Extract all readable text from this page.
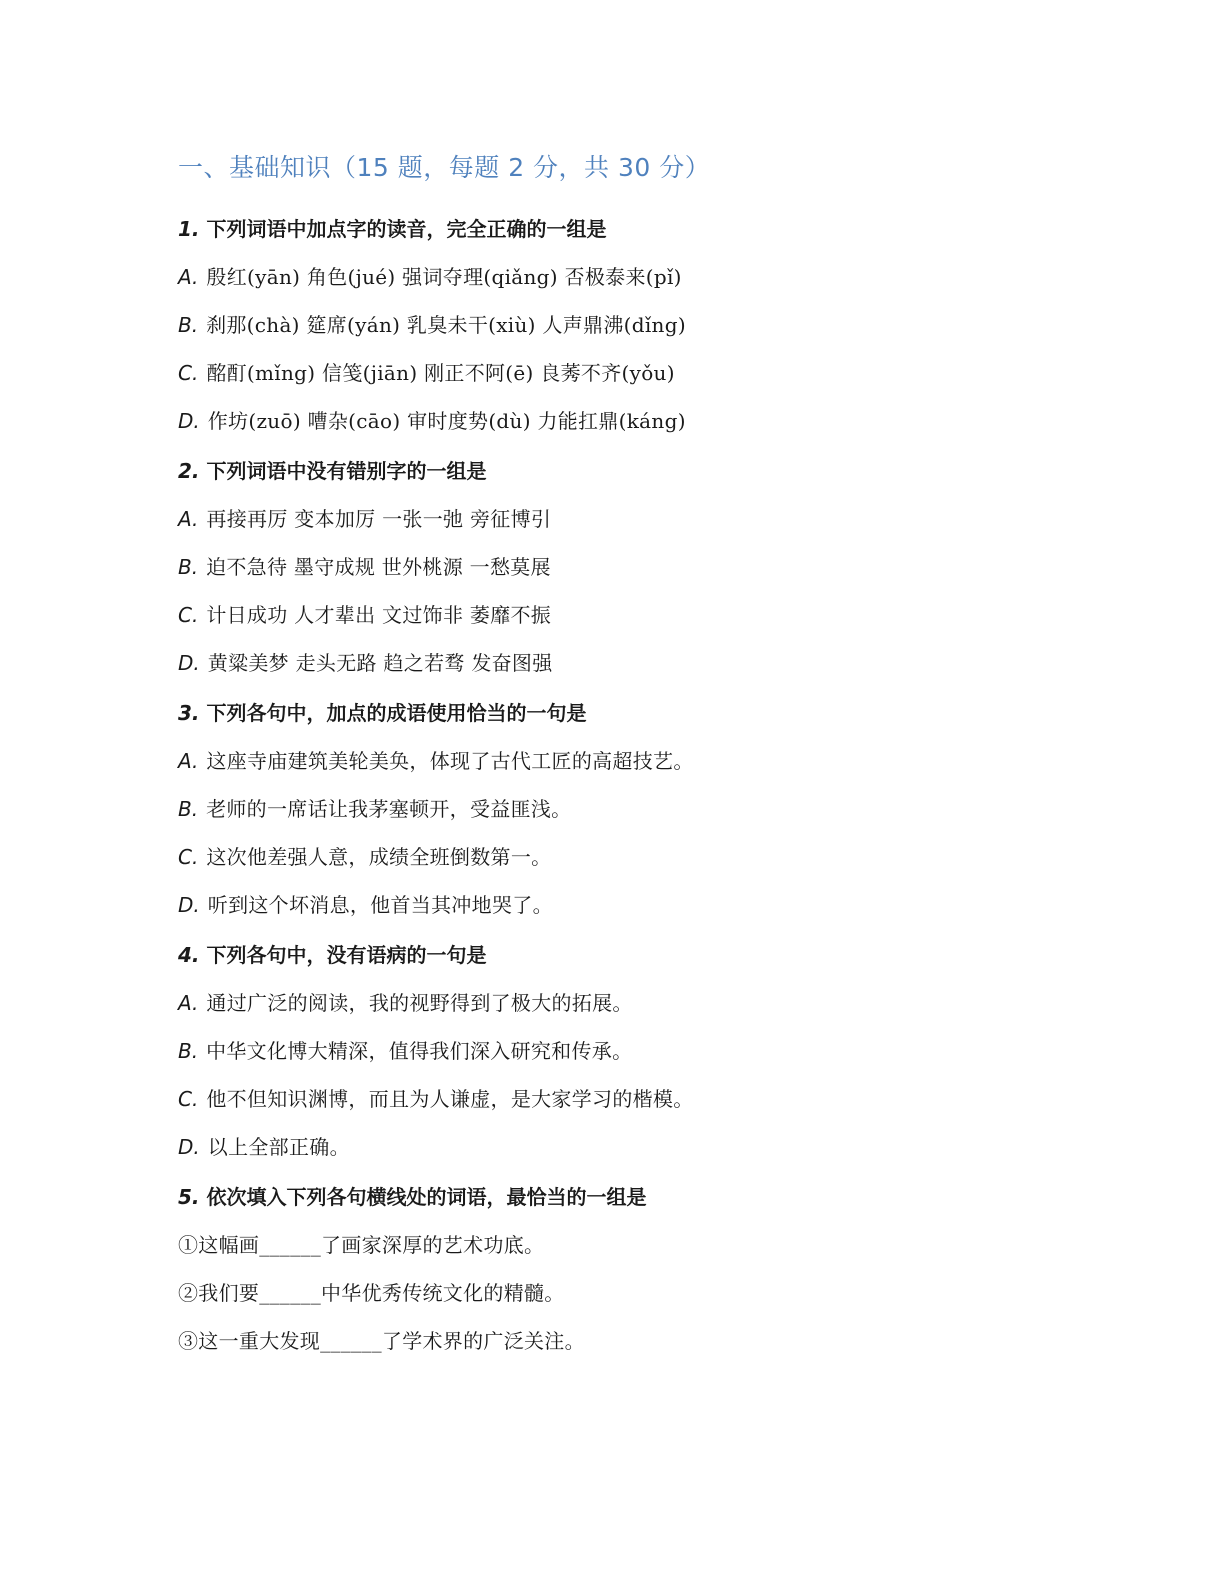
一、基础知识（15 题，每题 2 分，共 30 分）
1. 下列词语中加点字的读音，完全正确的一组是
A. 殷红(yān) 角色(jué) 强词夺理(qiǎng) 否极泰来(pǐ)
B. 刹那(chà) 筵席(yán) 乳臭未干(xiù) 人声鼎沸(dǐng)
C. 酩酊(mǐng) 信笺(jiān) 刚正不阿(ē) 良莠不齐(yǒu)
D. 作坊(zuō) 嘈杂(cāo) 审时度势(dù) 力能扛鼎(káng)
2. 下列词语中没有错别字的一组是
A. 再接再厉 变本加厉 一张一弛 旁征博引
B. 迫不急待 墨守成规 世外桃源 一愁莫展
C. 计日成功 人才辈出 文过饰非 萎靡不振
D. 黄粱美梦 走头无路 趋之若骛 发奋图强
3. 下列各句中，加点的成语使用恰当的一句是
A. 这座寺庙建筑美轮美奂，体现了古代工匠的高超技艺。
B. 老师的一席话让我茅塞顿开，受益匪浅。
C. 这次他差强人意，成绩全班倒数第一。
D. 听到这个坏消息，他首当其冲地哭了。
4. 下列各句中，没有语病的一句是
A. 通过广泛的阅读，我的视野得到了极大的拓展。
B. 中华文化博大精深，值得我们深入研究和传承。
C. 他不但知识渊博，而且为人谦虚，是大家学习的楷模。
D. 以上全部正确。
5. 依次填入下列各句横线处的词语，最恰当的一组是
①这幅画______了画家深厚的艺术功底。
②我们要______中华优秀传统文化的精髓。
③这一重大发现______了学术界的广泛关注。
